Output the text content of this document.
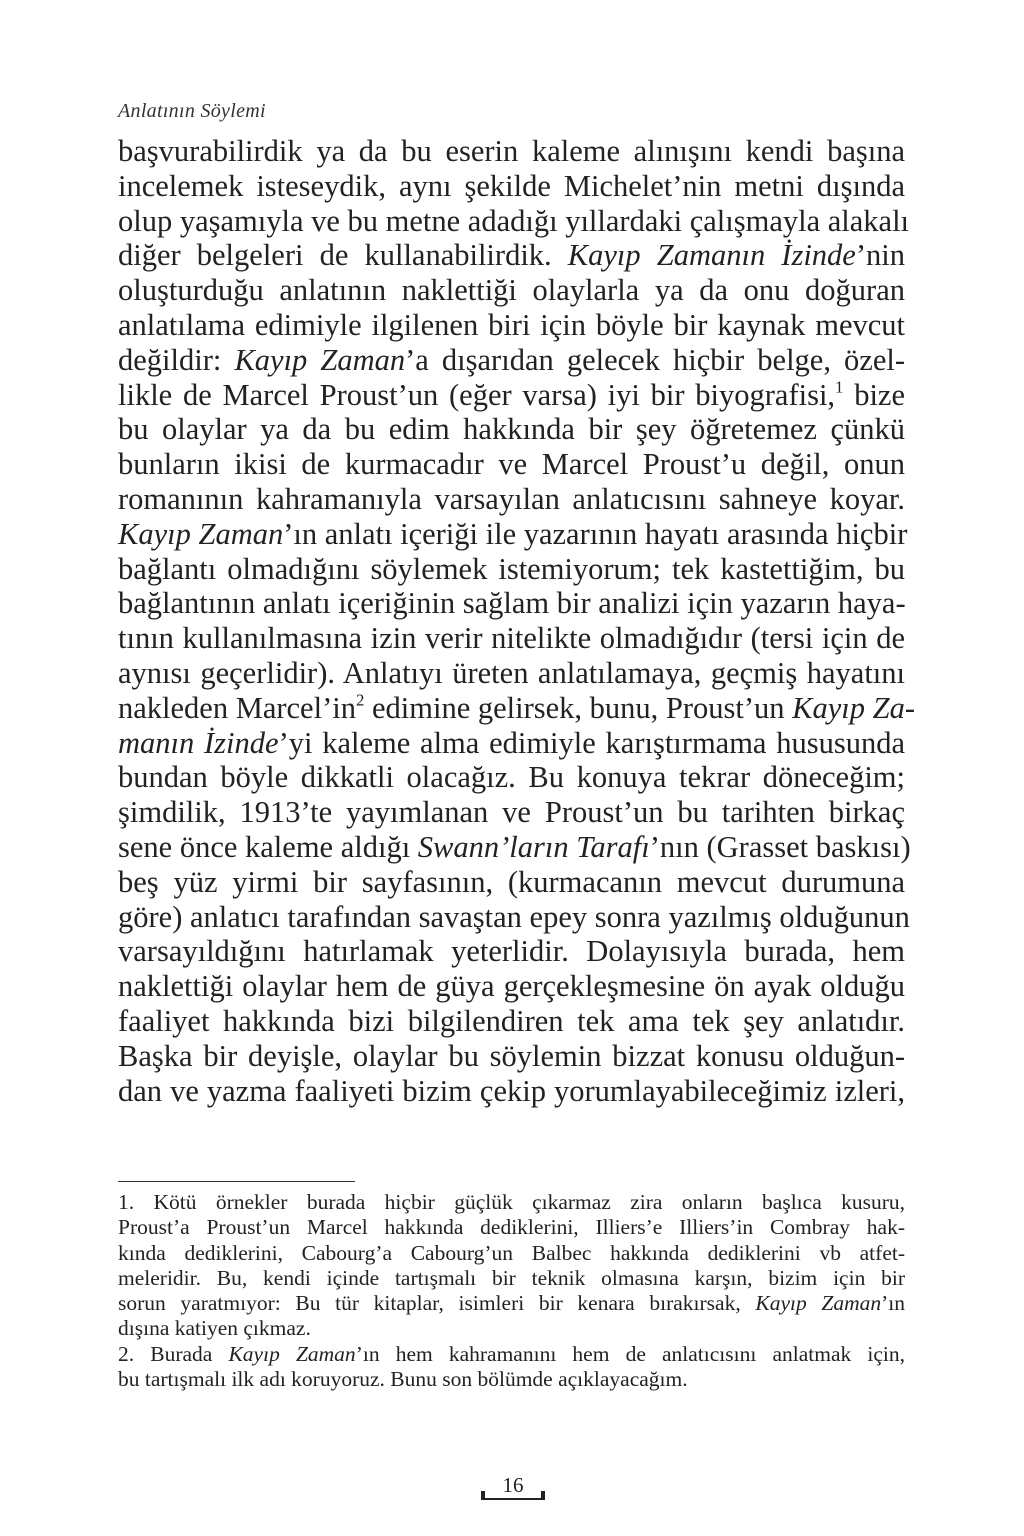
Anlatının Söylemi
başvurabilirdik ya da bu eserin kaleme alınışını kendi başına
incelemek isteseydik, aynı şekilde Michelet’nin metni dışında
olup yaşamıyla ve bu metne adadığı yıllardaki çalışmayla alakalı
diğer belgeleri de kullanabilirdik. Kayıp Zamanın İzinde’nin
oluşturduğu anlatının naklettiği olaylarla ya da onu doğuran
anlatılama edimiyle ilgilenen biri için böyle bir kaynak mevcut
değildir: Kayıp Zaman’a dışarıdan gelecek hiçbir belge, özel-
likle de Marcel Proust’un (eğer varsa) iyi bir biyografisi,$^1$ bize
bu olaylar ya da bu edim hakkında bir şey öğretemez çünkü
bunların ikisi de kurmacadır ve Marcel Proust’u değil, onun
romanının kahramanıyla varsayılan anlatıcısını sahneye koyar.
Kayıp Zaman’ın anlatı içeriği ile yazarının hayatı arasında hiçbir
bağlantı olmadığını söylemek istemiyorum; tek kastettiğim, bu
bağlantının anlatı içeriğinin sağlam bir analizi için yazarın haya-
tının kullanılmasına izin verir nitelikte olmadığıdır (tersi için de
aynısı geçerlidir). Anlatıyı üreten anlatılamaya, geçmiş hayatını
nakleden $Marcel’in^2$ edimine gelirsek, bunu, Proust’un Kayıp Za-
manın İzinde’yi kaleme alma edimiyle karıştırmama hususunda
bundan böyle dikkatli olacağız. Bu konuya tekrar döneceğim;
şimdilik, 1913’te yayımlanan ve Proust’un bu tarihten birkaç
sene önce kaleme aldığı Swann’ların Tarafı’nın (Grasset baskısı)
beş yüz yirmi bir sayfasının, (kurmacanın mevcut durumuna
göre) anlatıcı tarafından savaştan epey sonra yazılmış olduğunun
varsayıldığını hatırlamak yeterlidir. Dolayısıyla burada, hem
naklettiği olaylar hem de güya gerçekleşmesine ön ayak olduğu
faaliyet hakkında bizi bilgilendiren tek ama tek şey anlatıdır.
Başka bir deyişle, olaylar bu söylemin bizzat konusu olduğun-
dan ve yazma faaliyeti bizim çekip yorumlayabileceğimiz izleri,
1. Kötü örnekler burada hiçbir güçlük çıkarmaz zira onların başlıca kusuru,
Proust’a Proust’un Marcel hakkında dediklerini, Illiers’e Illiers’in Combray hak-
kında dediklerini, Cabourg’a Cabourg’un Balbec hakkında dediklerini vb atfet-
meleridir. Bu, kendi içinde tartışmalı bir teknik olmasına karşın, bizim için bir
sorun yaratmıyor: Bu tür kitaplar, isimleri bir kenara bırakırsak, Kayıp Zaman’ın
dışına katiyen çıkmaz.
2. Burada Kayıp Zaman’ın hem kahramanını hem de anlatıcısını anlatmak için,
bu tartışmalı ilk adı koruyoruz. Bunu son bölümde açıklayacağım.
16
